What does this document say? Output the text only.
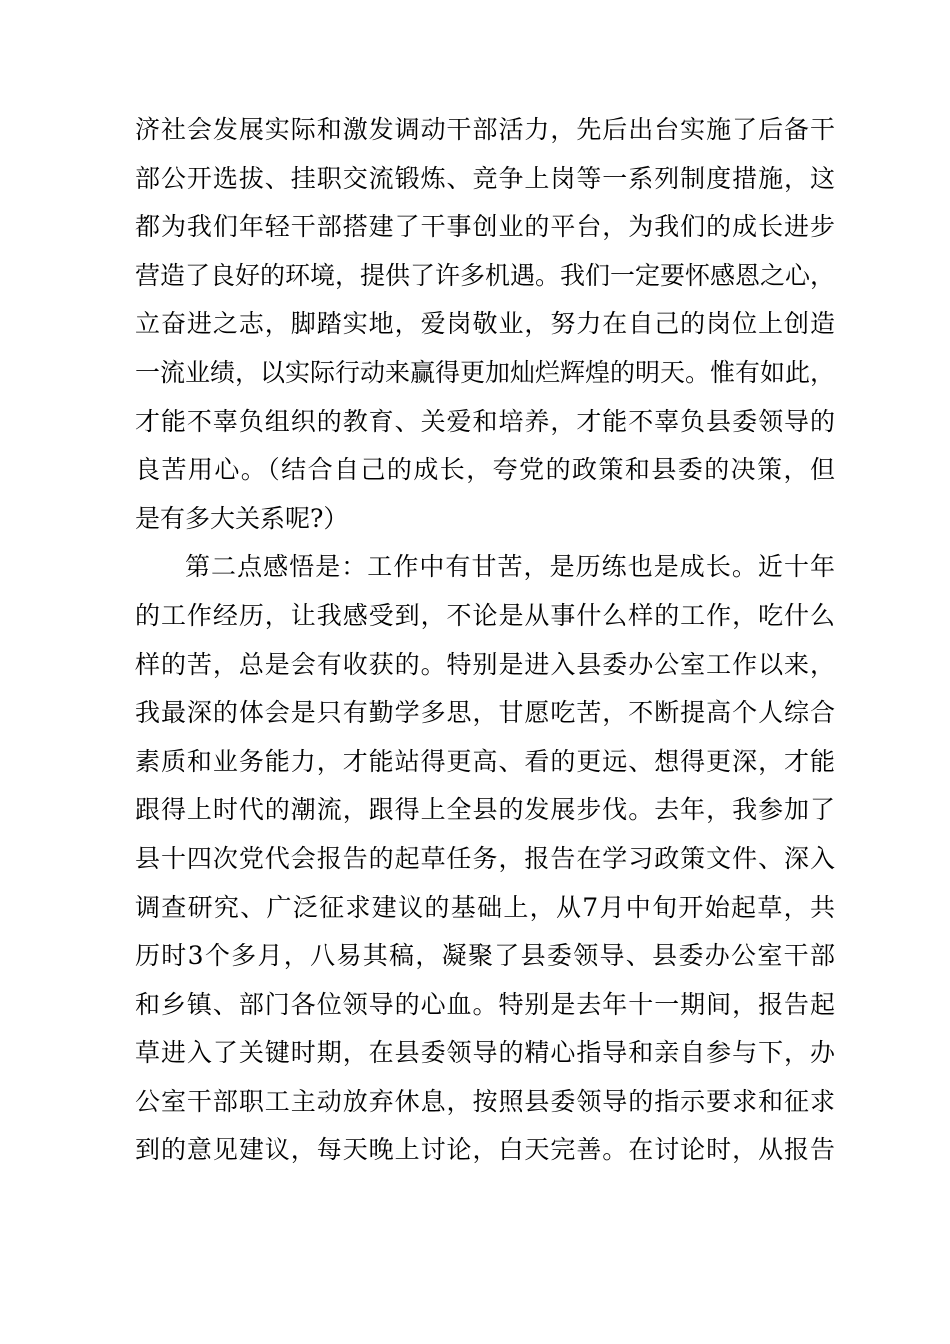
济社会发展实际和激发调动干部活力，先后出台实施了后备干
部公开选拔、挂职交流锻炼、竞争上岗等一系列制度措施，这
都为我们年轻干部搭建了干事创业的平台，为我们的成长进步
营造了良好的环境，提供了许多机遇。我们一定要怀感恩之心，
立奋进之志，脚踏实地，爱岗敬业，努力在自己的岗位上创造
一流业绩，以实际行动来赢得更加灿烂辉煌的明天。惟有如此，
才能不辜负组织的教育、关爱和培养，才能不辜负县委领导的
良苦用心。（结合自己的成长，夸党的政策和县委的决策，但
是有多大关系呢?）
第二点感悟是：工作中有甘苦，是历练也是成长。近十年
的工作经历，让我感受到，不论是从事什么样的工作，吃什么
样的苦，总是会有收获的。特别是进入县委办公室工作以来，
我最深的体会是只有勤学多思，甘愿吃苦，不断提高个人综合
素质和业务能力，才能站得更高、看的更远、想得更深，才能
跟得上时代的潮流，跟得上全县的发展步伐。去年，我参加了
县十四次党代会报告的起草任务，报告在学习政策文件、深入
调查研究、广泛征求建议的基础上，从7月中旬开始起草，共
历时3个多月，八易其稿，凝聚了县委领导、县委办公室干部
和乡镇、部门各位领导的心血。特别是去年十一期间，报告起
草进入了关键时期，在县委领导的精心指导和亲自参与下，办
公室干部职工主动放弃休息，按照县委领导的指示要求和征求
到的意见建议，每天晚上讨论，白天完善。在讨论时，从报告
